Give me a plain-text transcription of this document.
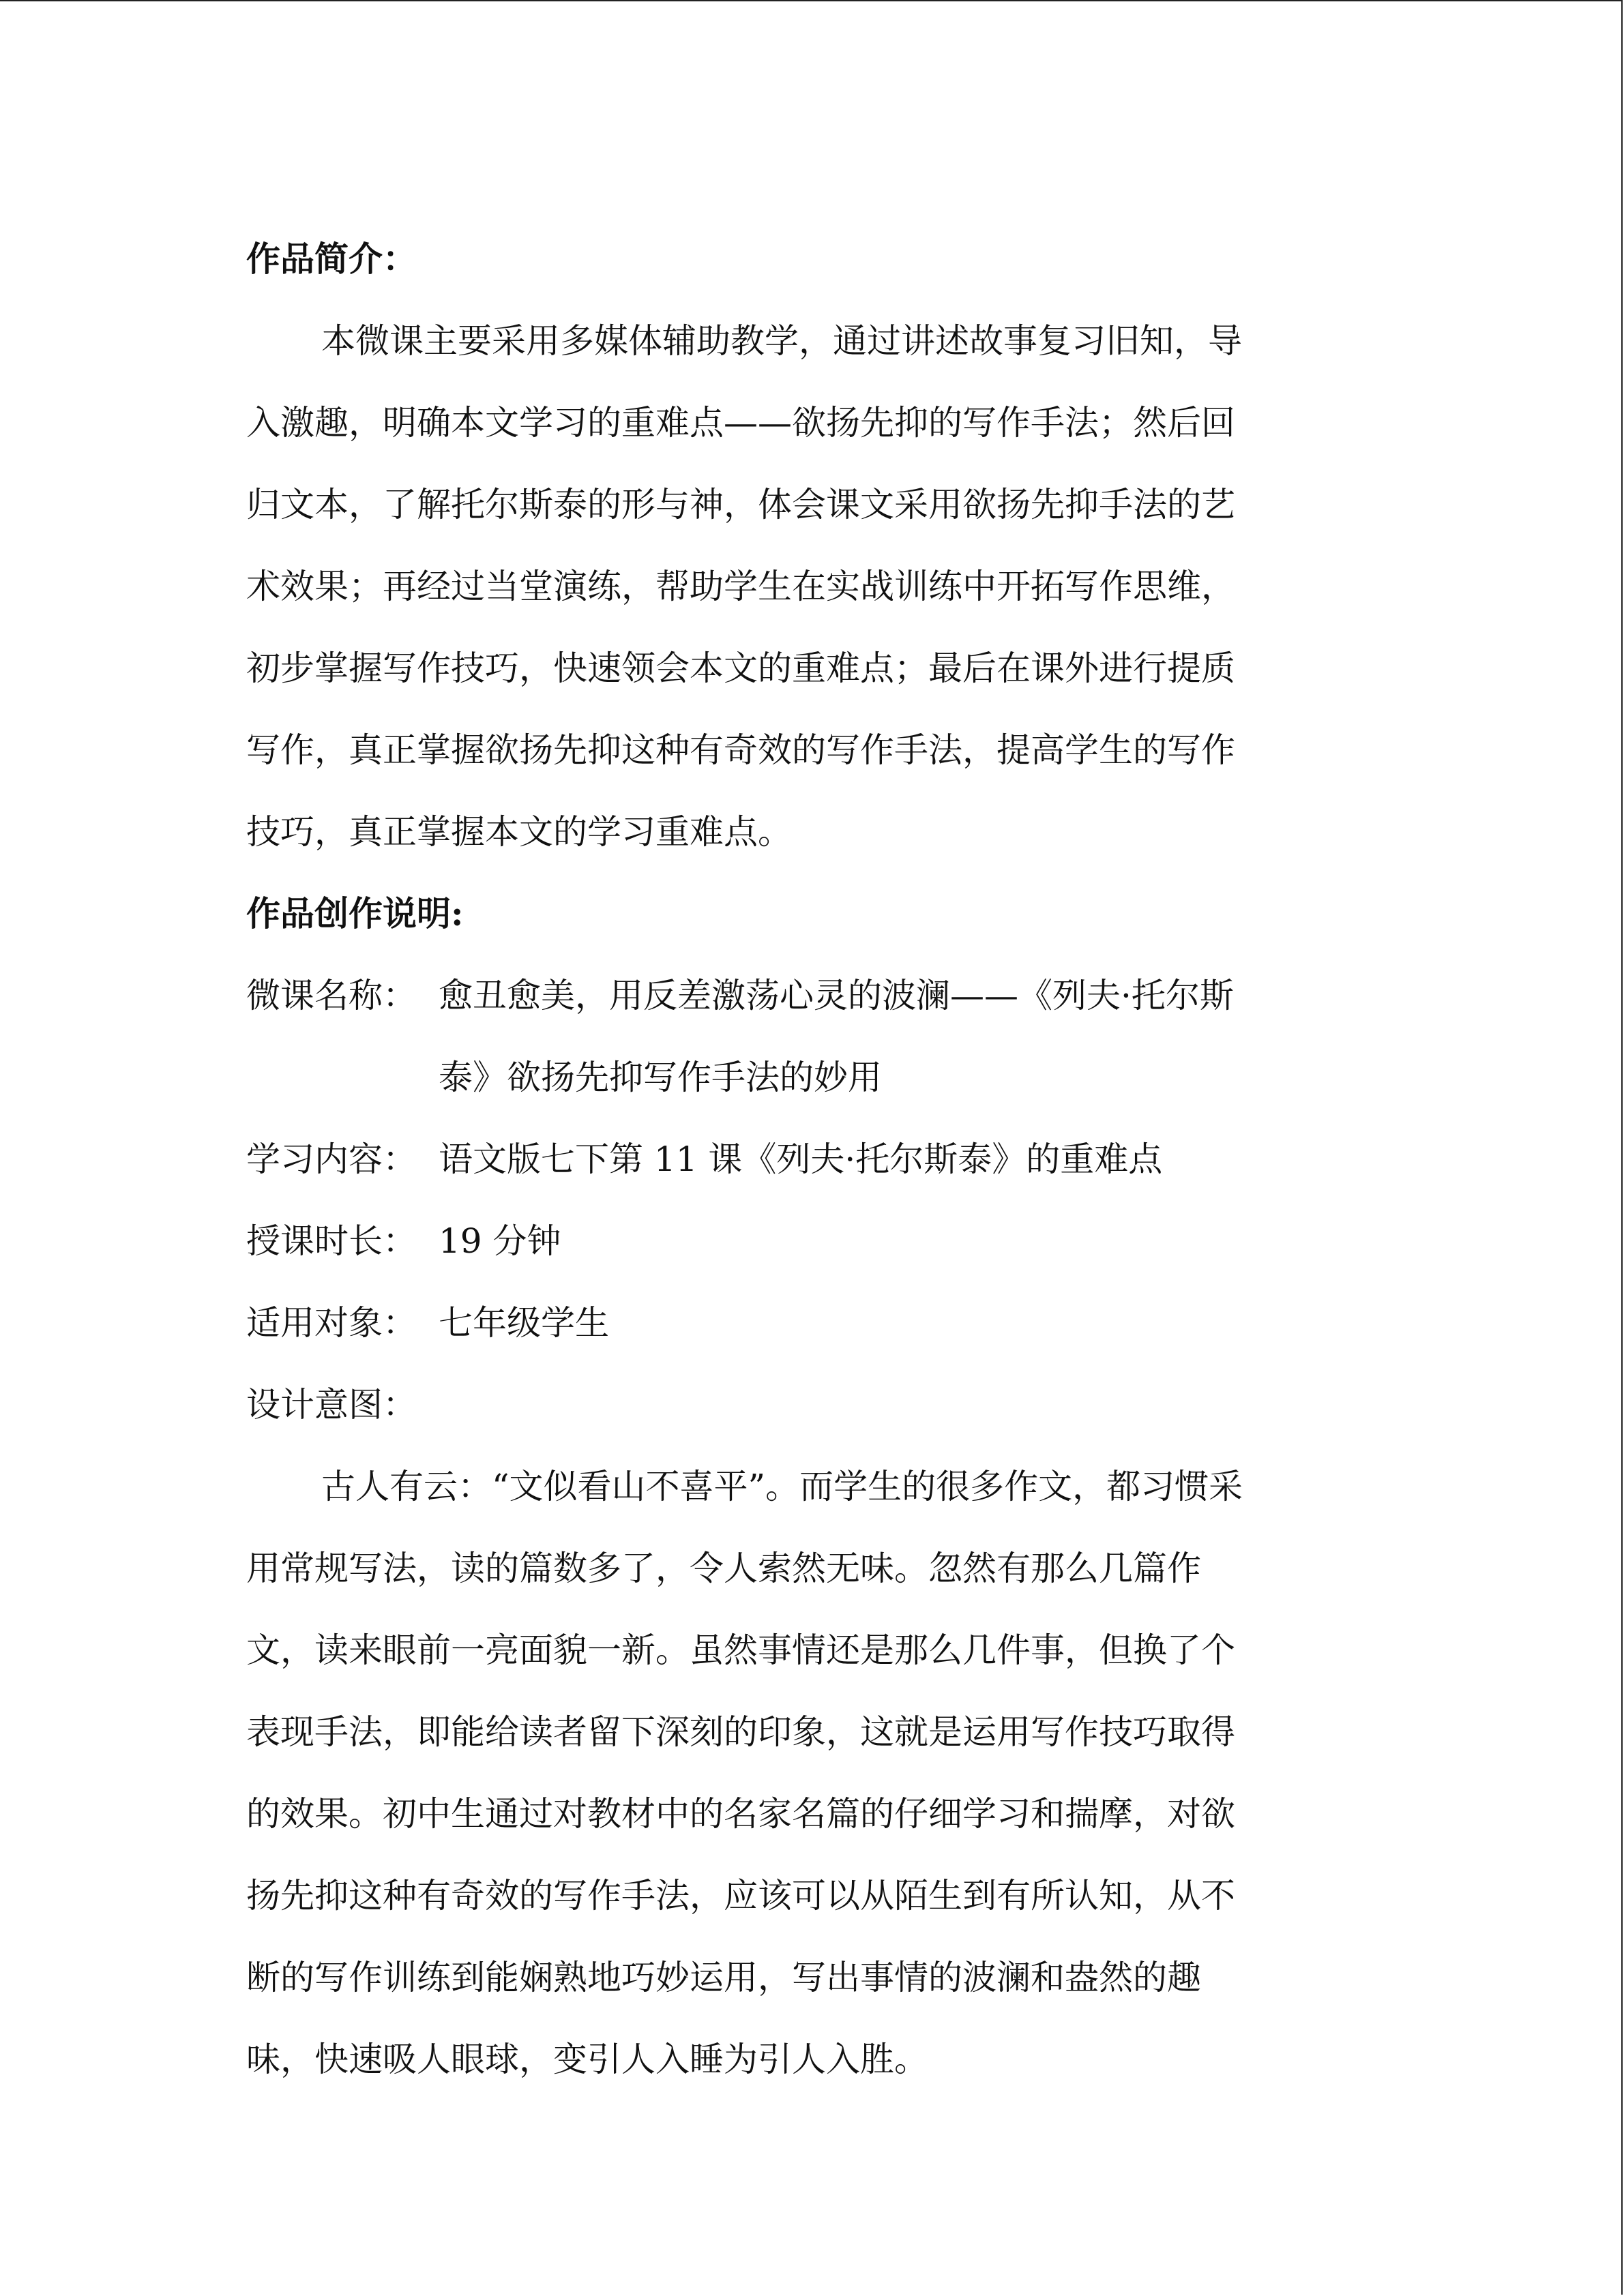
作品简介：
本微课主要采用多媒体辅助教学，通过讲述故事复习旧知，导
入激趣，明确本文学习的重难点——欲扬先抑的写作手法；然后回
归文本，了解托尔斯泰的形与神，体会课文采用欲扬先抑手法的艺
术效果；再经过当堂演练，帮助学生在实战训练中开拓写作思维，
初步掌握写作技巧，快速领会本文的重难点；最后在课外进行提质
写作，真正掌握欲扬先抑这种有奇效的写作手法，提高学生的写作
技巧，真正掌握本文的学习重难点。
作品创作说明:
微课名称： 愈丑愈美，用反差激荡心灵的波澜——《列夫·托尔斯
泰》欲扬先抑写作手法的妙用
学习内容： 语文版七下第 11 课《列夫·托尔斯泰》的重难点
授课时长： 19 分钟
适用对象： 七年级学生
设计意图：
古人有云：“文似看山不喜平”。而学生的很多作文，都习惯采
用常规写法，读的篇数多了，令人索然无味。忽然有那么几篇作
文，读来眼前一亮面貌一新。虽然事情还是那么几件事，但换了个
表现手法，即能给读者留下深刻的印象，这就是运用写作技巧取得
的效果。初中生通过对教材中的名家名篇的仔细学习和揣摩，对欲
扬先抑这种有奇效的写作手法，应该可以从陌生到有所认知，从不
断的写作训练到能娴熟地巧妙运用，写出事情的波澜和盎然的趣
味，快速吸人眼球，变引人入睡为引人入胜。
